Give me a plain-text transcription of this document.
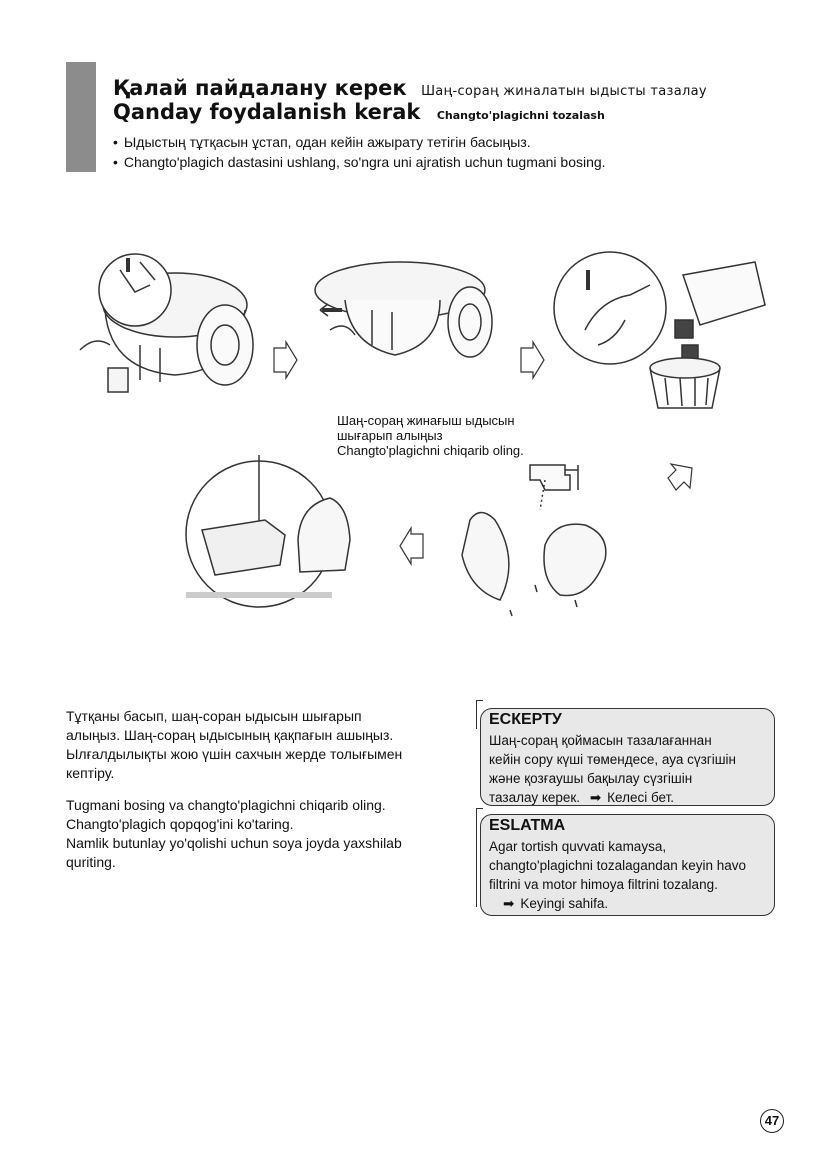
Қалай пайдалану керек Шаң-сораң жиналатын ыдысты тазалау
Qanday foydalanish kerak Changto'plagichni tozalash
• Ыдыстың тұтқасын ұстап, одан кейін ажырату тетігін басыңыз.
• Changto'plagich dastasini ushlang, so'ngra uni ajratish uchun tugmani bosing.
Шаң-сораң жинағыш ыдысын
шығарып алыңыз
Changto'plagichni chiqarib oling.
Тұтқаны басып, шаң-соран ыдысын шығарып
алыңыз. Шаң-сораң ыдысының қақпағын ашыңыз.
Ылғалдылықты жою үшін сахчын жерде толығымен
кептіру.
Tugmani bosing va changto'plagichni chiqarib oling.
Changto'plagich qopqog'ini ko'taring.
Namlik butunlay yo'qolishi uchun soya joyda yaxshilab
quriting.
ЕСКЕРТУ
Шаң-сораң қоймасын тазалағаннан
кейін сору күші төмендесе, ауа сүзгішін
және қозғаушы бақылау сүзгішін
тазалау керек. ➡ Келесі бет.
ESLATMA
Agar tortish quvvati kamaysa,
changto'plagichni tozalagandan keyin havo
filtrini va motor himoya filtrini tozalang.
➡ Keyingi sahifa.
47
